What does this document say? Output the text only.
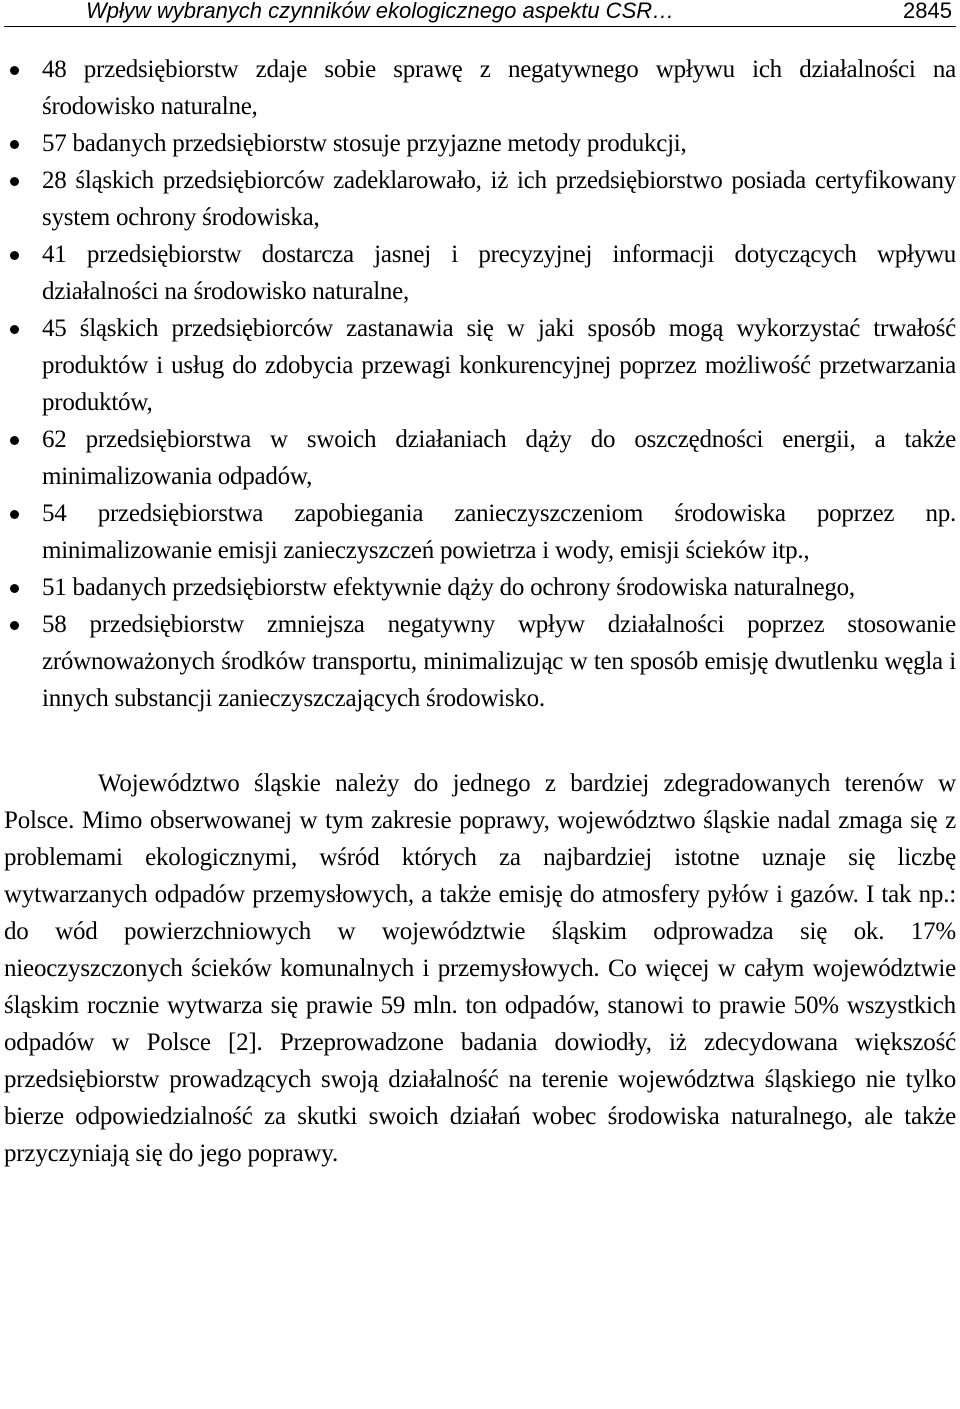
Wpływ wybranych czynników ekologicznego aspektu CSR…	2845
48 przedsiębiorstw zdaje sobie sprawę z negatywnego wpływu ich działalności na środowisko naturalne,
57 badanych przedsiębiorstw stosuje przyjazne metody produkcji,
28 śląskich przedsiębiorców zadeklarowało, iż ich przedsiębiorstwo posiada certyfikowany system ochrony środowiska,
41 przedsiębiorstw dostarcza jasnej i precyzyjnej informacji dotyczących wpływu działalności na środowisko naturalne,
45 śląskich przedsiębiorców zastanawia się w jaki sposób mogą wykorzystać trwałość produktów i usług do zdobycia przewagi konkurencyjnej poprzez możliwość przetwarzania produktów,
62 przedsiębiorstwa w swoich działaniach dąży do oszczędności energii, a także minimalizowania odpadów,
54 przedsiębiorstwa zapobiegania zanieczyszczeniom środowiska poprzez np. minimalizowanie emisji zanieczyszczeń powietrza i wody, emisji ścieków itp.,
51 badanych przedsiębiorstw efektywnie dąży do ochrony środowiska naturalnego,
58 przedsiębiorstw zmniejsza negatywny wpływ działalności poprzez stosowanie zrównoważonych środków transportu, minimalizując w ten sposób emisję dwutlenku węgla i innych substancji zanieczyszczających środowisko.

Województwo śląskie należy do jednego z bardziej zdegradowanych terenów w Polsce. Mimo obserwowanej w tym zakresie poprawy, województwo śląskie nadal zmaga się z problemami ekologicznymi, wśród których za najbardziej istotne uznaje się liczbę wytwarzanych odpadów przemysłowych, a także emisję do atmosfery pyłów i gazów. I tak np.: do wód powierzchniowych w województwie śląskim odprowadza się ok. 17% nieoczyszczonych ścieków komunalnych i przemysłowych. Co więcej w całym województwie śląskim rocznie wytwarza się prawie 59 mln. ton odpadów, stanowi to prawie 50% wszystkich odpadów w Polsce [2]. Przeprowadzone badania dowiodły, iż zdecydowana większość przedsiębiorstw prowadzących swoją działalność na terenie województwa śląskiego nie tylko bierze odpowiedzialność za skutki swoich działań wobec środowiska naturalnego, ale także przyczyniają się do jego poprawy.
